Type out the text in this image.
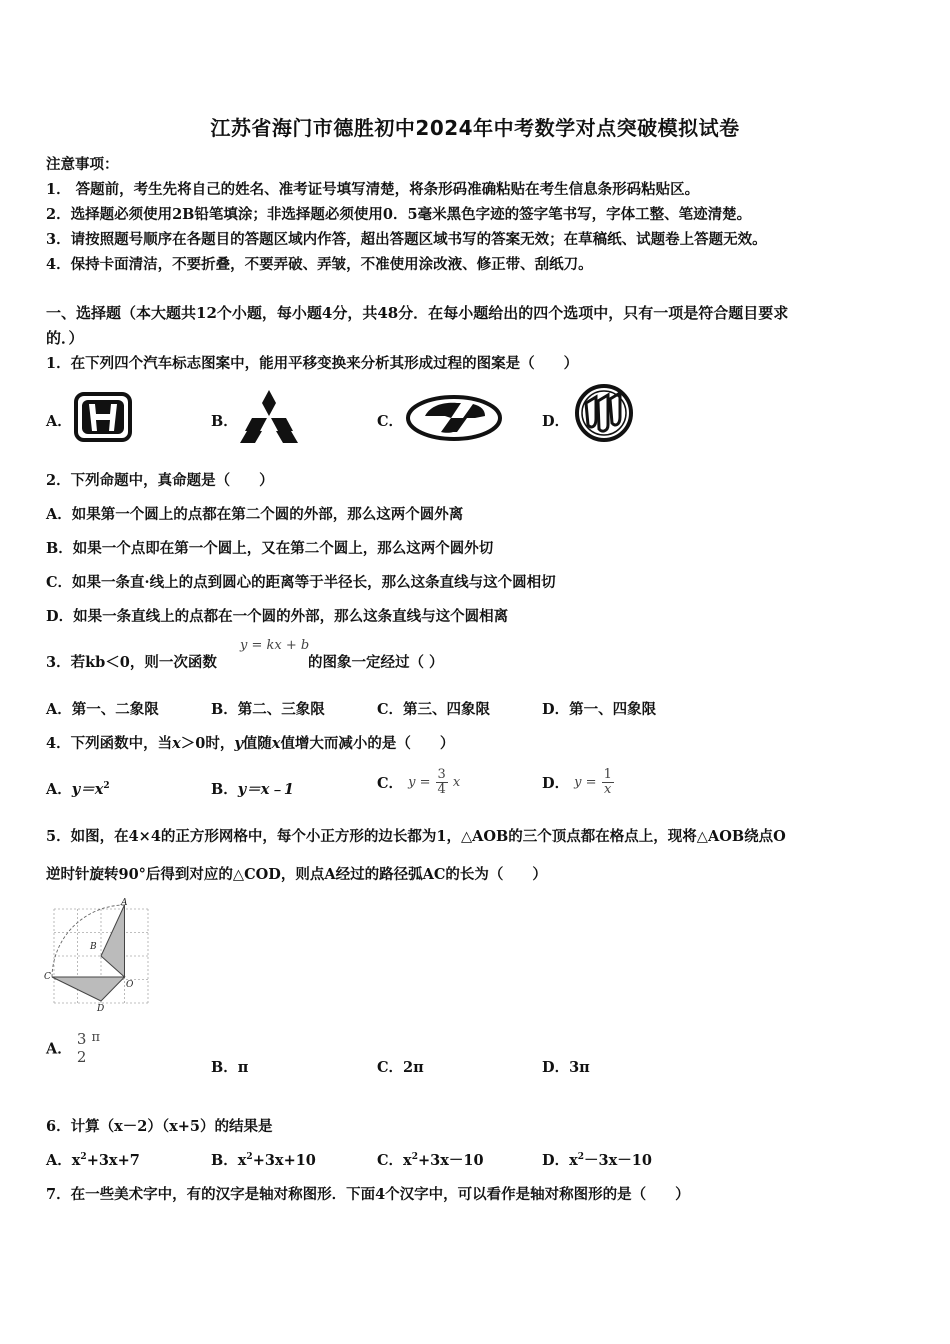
江苏省海门市德胜初中2024年中考数学对点突破模拟试卷
注意事项：
1． 答题前，考生先将自己的姓名、准考证号填写清楚，将条形码准确粘贴在考生信息条形码粘贴区。
2．选择题必须使用2B铅笔填涂；非选择题必须使用0．5毫米黑色字迹的签字笔书写，字体工整、笔迹清楚。
3．请按照题号顺序在各题目的答题区域内作答，超出答题区域书写的答案无效；在草稿纸、试题卷上答题无效。
4．保持卡面清洁，不要折叠，不要弄破、弄皱，不准使用涂改液、修正带、刮纸刀。
一、选择题（本大题共12个小题，每小题4分，共48分．在每小题给出的四个选项中，只有一项是符合题目要求
的．）
1．在下列四个汽车标志图案中，能用平移变换来分析其形成过程的图案是（　　）
A．	B．	C．	D．
2．下列命题中，真命题是（　　）
A．如果第一个圆上的点都在第二个圆的外部，那么这两个圆外离
B．如果一个点即在第一个圆上，又在第二个圆上，那么这两个圆外切
C．如果一条直·线上的点到圆心的距离等于半径长，那么这条直线与这个圆相切
D．如果一条直线上的点都在一个圆的外部，那么这条直线与这个圆相离
3．若kb＜0，则一次函数
y = kx + b
的图象一定经过（ ）
A．第一、二象限	B．第二、三象限	C．第三、四象限	D．第一、四象限
4．下列函数中，当x＞0时，y值随x值增大而减小的是（　　）
A．$y=x^2$	B．y＝x﹣1	C． $y = \frac{3}{4}$ x	D． $y = \frac{1}{x}$
5．如图，在4×4的正方形网格中，每个小正方形的边长都为1，△AOB的三个顶点都在格点上，现将△AOB绕点O
逆时针旋转90°后得到对应的△COD，则点A经过的路径弧AC的长为（　　）
A
B
C
O
D
A．
3
2
π
B．π	C．2π	D．3π
6．计算（x－2）（x+5）的结果是
A．$x^2+3x+7$	B．$x^2+3x+10$	C．$x^2+3x-10$	D．$x^2-3x-10$
7．在一些美术字中，有的汉字是轴对称图形．下面4个汉字中，可以看作是轴对称图形的是（　　）
